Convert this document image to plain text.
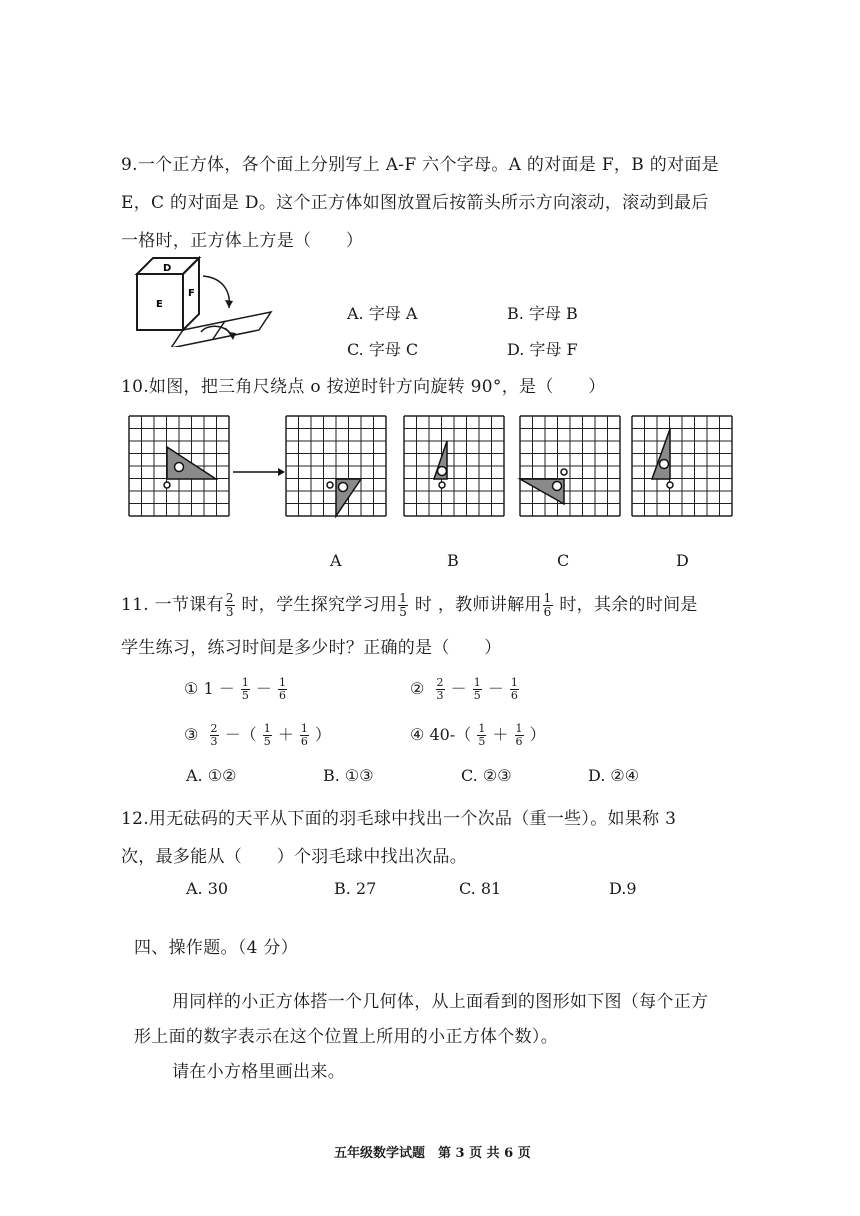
9.一个正方体，各个面上分别写上 A-F 六个字母。A 的对面是 F，B 的对面是
E，C 的对面是 D。这个正方体如图放置后按箭头所示方向滚动，滚动到最后
一格时，正方体上方是（　　）
D
E
F
A. 字母 A	B. 字母 B
C. 字母 C	D. 字母 F
10.如图，把三角尺绕点 o 按逆时针方向旋转 90°，是（　　）
A	B	C	D
11. 一节课有 $\frac{2}{3}$ 时，学生探究学习用 $\frac{1}{5}$ 时 ，教师讲解用 $\frac{1}{6}$ 时，其余的时间是
学生练习，练习时间是多少时？正确的是（　　）
① $1 - \frac{1}{5} - \frac{1}{6}$	② $\frac{2}{3} - \frac{1}{5} - \frac{1}{6}$
③ $\frac{2}{3}$ －（ $\frac{1}{5} + \frac{1}{6}$ ）	④ $40-( \frac{1}{5} + \frac{1}{6}$ ）
A. ①②	B. ①③	C. ②③	D. ②④
12.用无砝码的天平从下面的羽毛球中找出一个次品（重一些）。如果称 3
次，最多能从（　　）个羽毛球中找出次品。
A. 30	B. 27	C. 81	D.9
四、操作题。（4 分）
用同样的小正方体搭一个几何体，从上面看到的图形如下图（每个正方
形上面的数字表示在这个位置上所用的小正方体个数）。
请在小方格里画出来。
五年级数学试题　第 3 页 共 6 页
